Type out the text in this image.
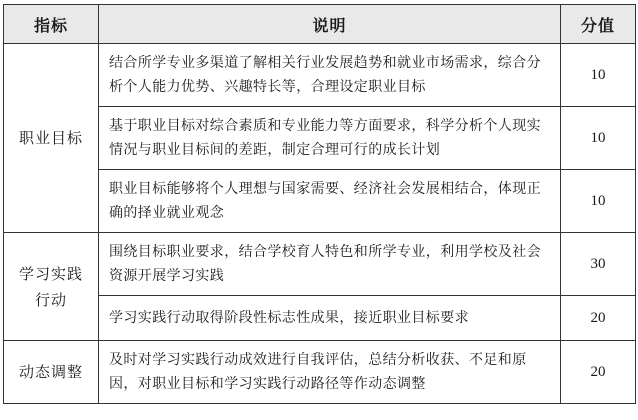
指标	说明	分值
职业目标	结合所学专业多渠道了解相关行业发展趋势和就业市场需求，综合分析个人能力优势、兴趣特长等，合理设定职业目标	10
	基于职业目标对综合素质和专业能力等方面要求，科学分析个人现实情况与职业目标间的差距，制定合理可行的成长计划	10
	职业目标能够将个人理想与国家需要、经济社会发展相结合，体现正确的择业就业观念	10
学习实践行动	围绕目标职业要求，结合学校育人特色和所学专业，利用学校及社会资源开展学习实践	30
	学习实践行动取得阶段性标志性成果，接近职业目标要求	20
动态调整	及时对学习实践行动成效进行自我评估，总结分析收获、不足和原因，对职业目标和学习实践行动路径等作动态调整	20
